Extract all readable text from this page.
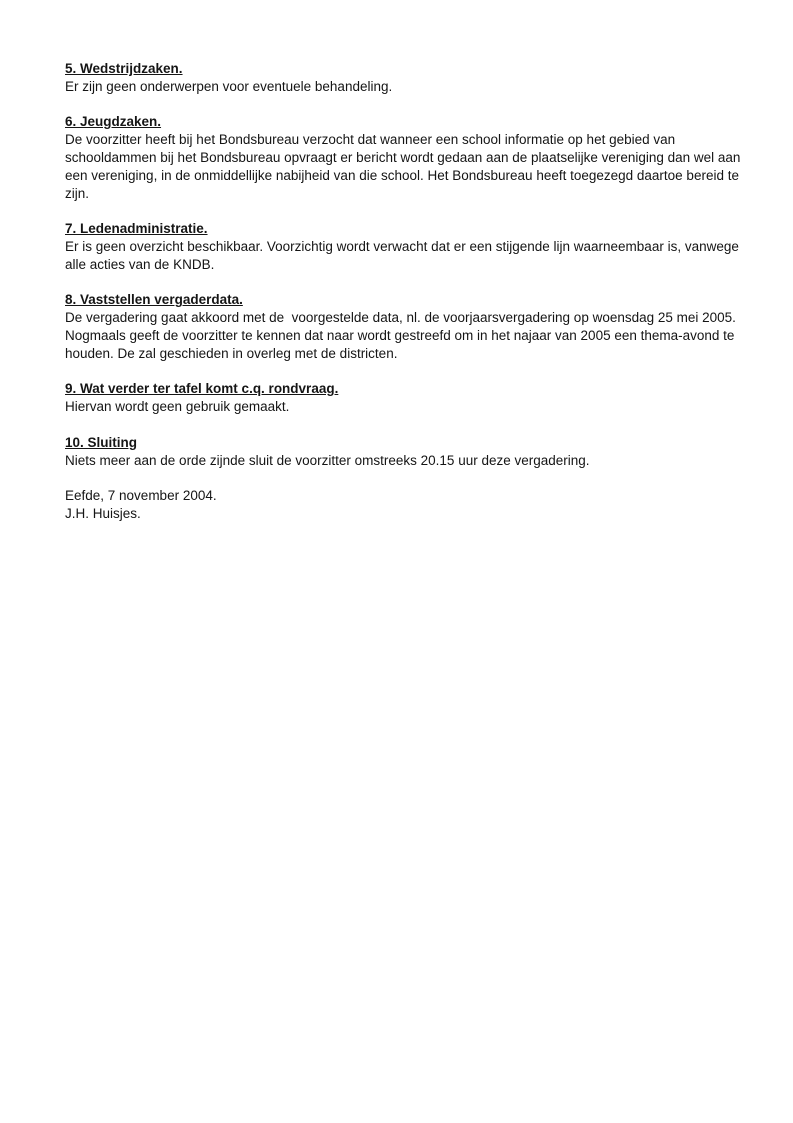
5. Wedstrijdzaken.
Er zijn geen onderwerpen voor eventuele behandeling.
6. Jeugdzaken.
De voorzitter heeft bij het Bondsbureau verzocht dat wanneer een school informatie op het gebied van
schooldammen bij het Bondsbureau opvraagt er bericht wordt gedaan aan de plaatselijke vereniging dan wel aan
een vereniging, in de onmiddellijke nabijheid van die school. Het Bondsbureau heeft toegezegd daartoe bereid te
zijn.
7. Ledenadministratie.
Er is geen overzicht beschikbaar. Voorzichtig wordt verwacht dat er een stijgende lijn waarneembaar is, vanwege
alle acties van de KNDB.
8. Vaststellen vergaderdata.
De vergadering gaat akkoord met de  voorgestelde data, nl. de voorjaarsvergadering op woensdag 25 mei 2005.
Nogmaals geeft de voorzitter te kennen dat naar wordt gestreefd om in het najaar van 2005 een thema-avond te
houden. De zal geschieden in overleg met de districten.
9. Wat verder ter tafel komt c.q. rondvraag.
Hiervan wordt geen gebruik gemaakt.
10. Sluiting
Niets meer aan de orde zijnde sluit de voorzitter omstreeks 20.15 uur deze vergadering.
Eefde, 7 november 2004.
J.H. Huisjes.
